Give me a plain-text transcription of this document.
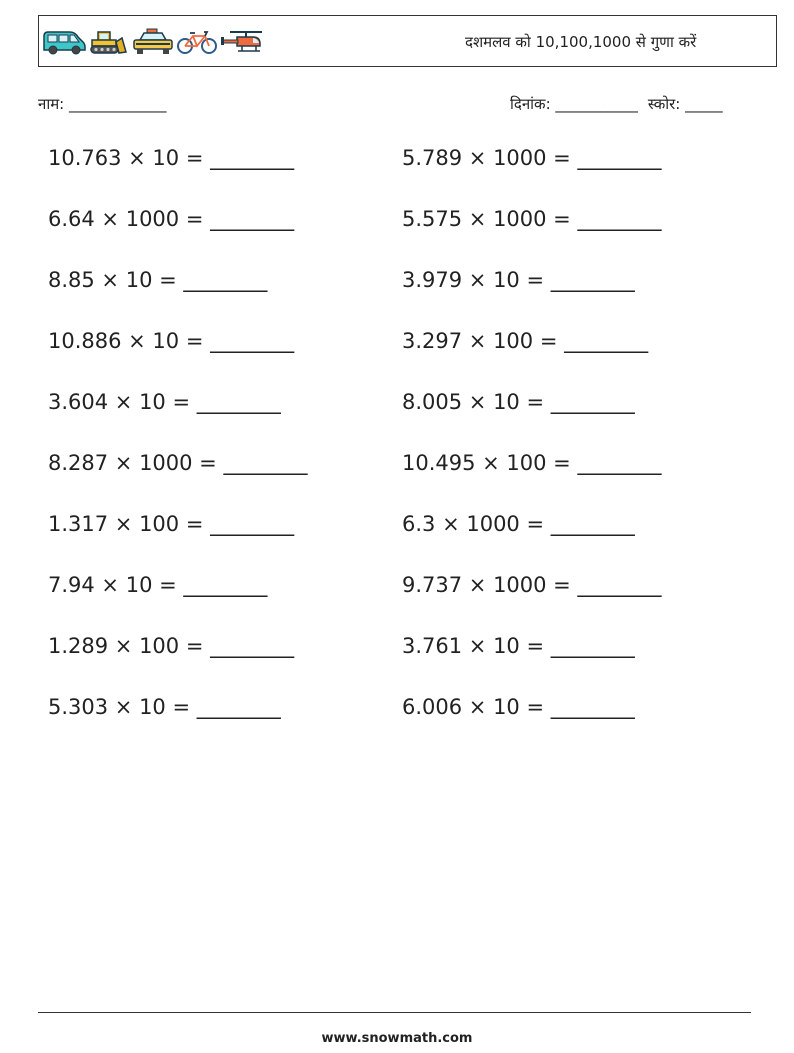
दशमलव को 10,100,1000 से गुणा करें
नाम: _____________	दिनांक: ___________ स्कोर: _____
10.763 × 10 = ________	5.789 × 1000 = ________
6.64 × 1000 = ________	5.575 × 1000 = ________
8.85 × 10 = ________	3.979 × 10 = ________
10.886 × 10 = ________	3.297 × 100 = ________
3.604 × 10 = ________	8.005 × 10 = ________
8.287 × 1000 = ________	10.495 × 100 = ________
1.317 × 100 = ________	6.3 × 1000 = ________
7.94 × 10 = ________	9.737 × 1000 = ________
1.289 × 100 = ________	3.761 × 10 = ________
5.303 × 10 = ________	6.006 × 10 = ________
www.snowmath.com
